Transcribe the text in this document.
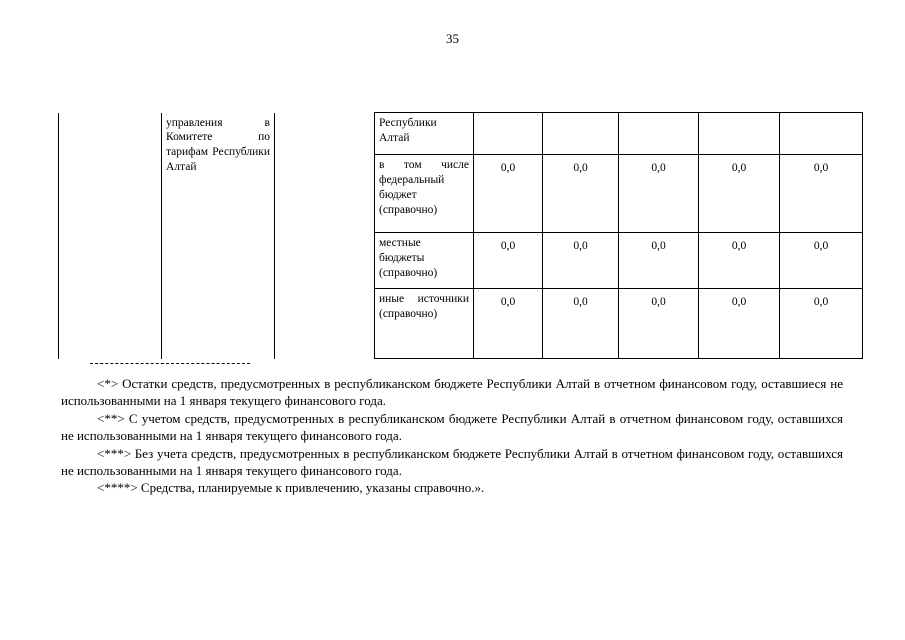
35
	управления в Комитете по тарифам Республики Алтай		Республики Алтай					
			в том числе федеральный бюджет (справочно)	0,0	0,0	0,0	0,0	0,0
			местные бюджеты (справочно)	0,0	0,0	0,0	0,0	0,0
			иные источники (справочно)	0,0	0,0	0,0	0,0	0,0

<*> Остатки средств, предусмотренных в республиканском бюджете Республики Алтай в отчетном финансовом году, оставшиеся не использованными на 1 января текущего финансового года.

<**> С учетом средств, предусмотренных в республиканском бюджете Республики Алтай в отчетном финансовом году, оставшихся не использованными на 1 января текущего финансового года.

<***> Без учета средств, предусмотренных в республиканском бюджете Республики Алтай в отчетном финансовом году, оставшихся не использованными на 1 января текущего финансового года.

<****> Средства, планируемые к привлечению, указаны справочно.».
